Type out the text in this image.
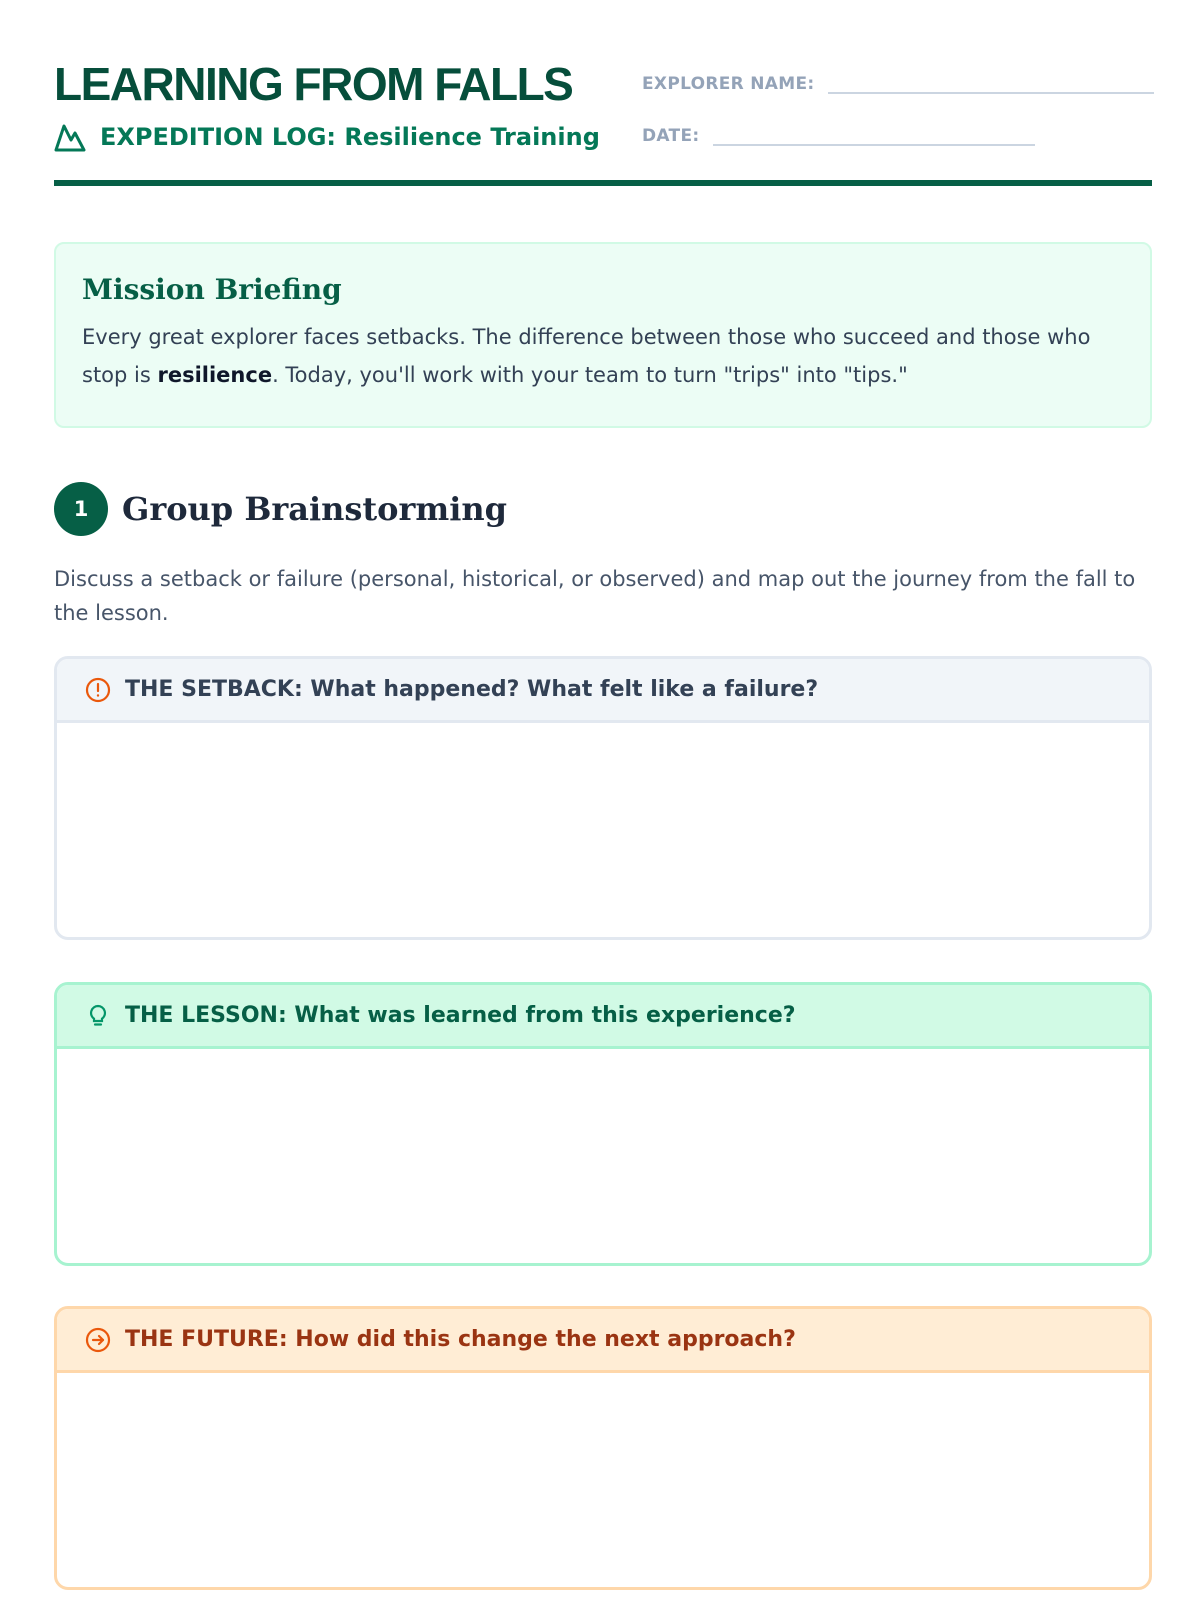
LEARNING FROM FALLS
EXPEDITION LOG: Resilience Training
EXPLORER NAME:
DATE:
Mission Briefing

Every great explorer faces setbacks. The difference between those who succeed and those who stop is resilience. Today, you'll work with your team to turn "trips" into "tips."

1	Group Brainstorming

Discuss a setback or failure (personal, historical, or observed) and map out the journey from the fall to the lesson.

THE SETBACK: What happened? What felt like a failure?
THE LESSON: What was learned from this experience?
THE FUTURE: How did this change the next approach?
